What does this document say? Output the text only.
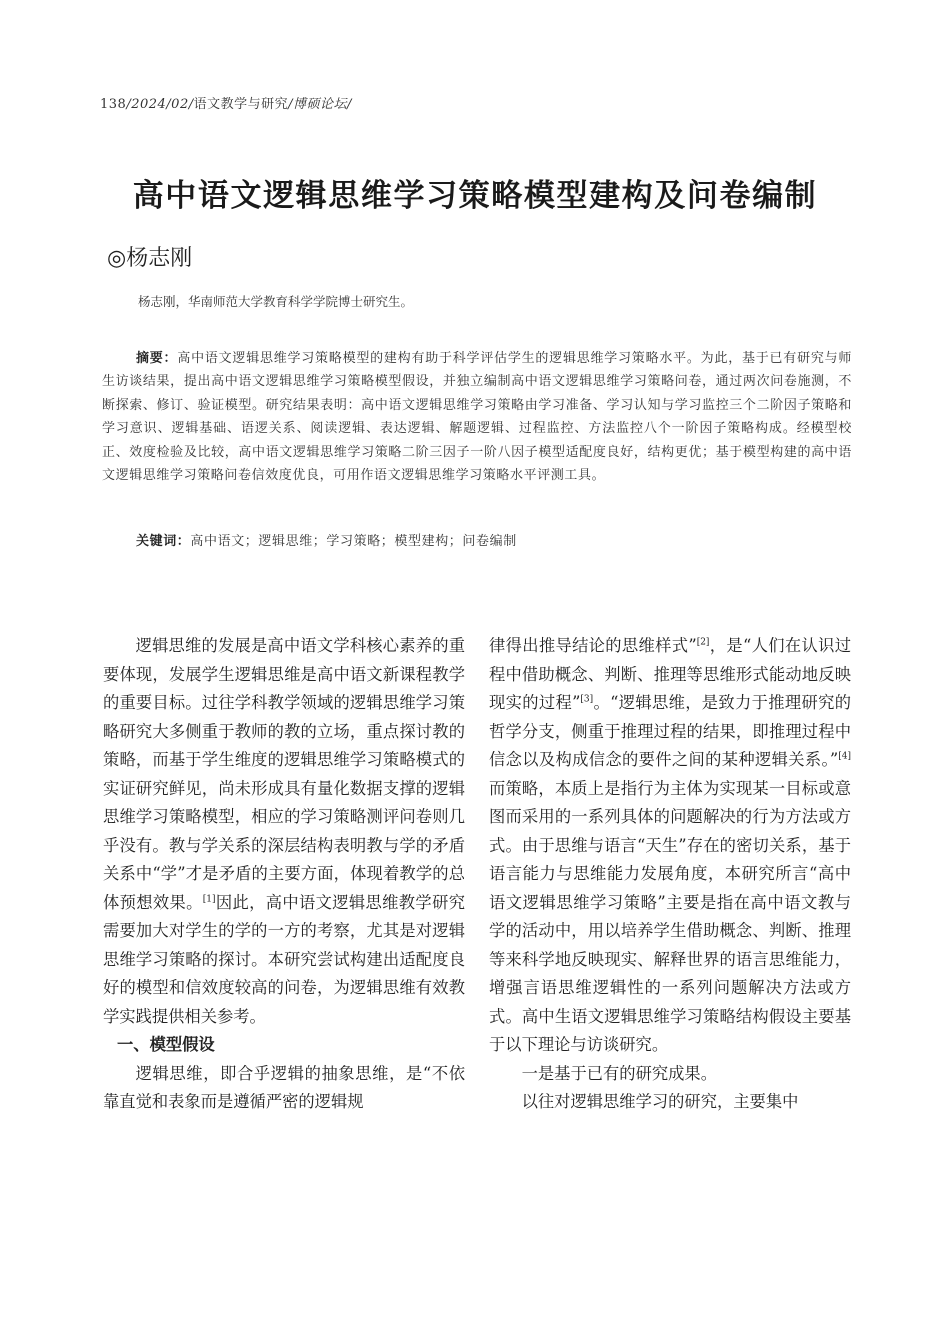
138/2024/02/语文教学与研究/博硕论坛/
高中语文逻辑思维学习策略模型建构及问卷编制
◎杨志刚
杨志刚，华南师范大学教育科学学院博士研究生。
摘要：高中语文逻辑思维学习策略模型的建构有助于科学评估学生的逻辑思维学习策略水平。为此，基于已有研究与师生访谈结果，提出高中语文逻辑思维学习策略模型假设，并独立编制高中语文逻辑思维学习策略问卷，通过两次问卷施测，不断探索、修订、验证模型。研究结果表明：高中语文逻辑思维学习策略由学习准备、学习认知与学习监控三个二阶因子策略和学习意识、逻辑基础、语逻关系、阅读逻辑、表达逻辑、解题逻辑、过程监控、方法监控八个一阶因子策略构成。经模型校正、效度检验及比较，高中语文逻辑思维学习策略二阶三因子一阶八因子模型适配度良好，结构更优；基于模型构建的高中语文逻辑思维学习策略问卷信效度优良，可用作语文逻辑思维学习策略水平评测工具。
关键词：高中语文；逻辑思维；学习策略；模型建构；问卷编制

逻辑思维的发展是高中语文学科核心素养的重要体现，发展学生逻辑思维是高中语文新课程教学的重要目标。过往学科教学领域的逻辑思维学习策略研究大多侧重于教师的教的立场，重点探讨教的策略，而基于学生维度的逻辑思维学习策略模式的实证研究鲜见，尚未形成具有量化数据支撑的逻辑思维学习策略模型，相应的学习策略测评问卷则几乎没有。教与学关系的深层结构表明教与学的矛盾关系中“学”才是矛盾的主要方面，体现着教学的总体预想效果。[1]因此，高中语文逻辑思维教学研究需要加大对学生的学的一方的考察，尤其是对逻辑思维学习策略的探讨。本研究尝试构建出适配度良好的模型和信效度较高的问卷，为逻辑思维有效教学实践提供相关参考。

一、模型假设

逻辑思维，即合乎逻辑的抽象思维，是“不依靠直觉和表象而是遵循严密的逻辑规

律得出推导结论的思维样式”[2]，是“人们在认识过程中借助概念、判断、推理等思维形式能动地反映现实的过程”[3]。“逻辑思维，是致力于推理研究的哲学分支，侧重于推理过程的结果，即推理过程中信念以及构成信念的要件之间的某种逻辑关系。”[4]而策略，本质上是指行为主体为实现某一目标或意图而采用的一系列具体的问题解决的行为方法或方式。由于思维与语言“天生”存在的密切关系，基于语言能力与思维能力发展角度，本研究所言“高中语文逻辑思维学习策略”主要是指在高中语文教与学的活动中，用以培养学生借助概念、判断、推理等来科学地反映现实、解释世界的语言思维能力，增强言语思维逻辑性的一系列问题解决方法或方式。高中生语文逻辑思维学习策略结构假设主要基于以下理论与访谈研究。

一是基于已有的研究成果。

以往对逻辑思维学习的研究，主要集中
